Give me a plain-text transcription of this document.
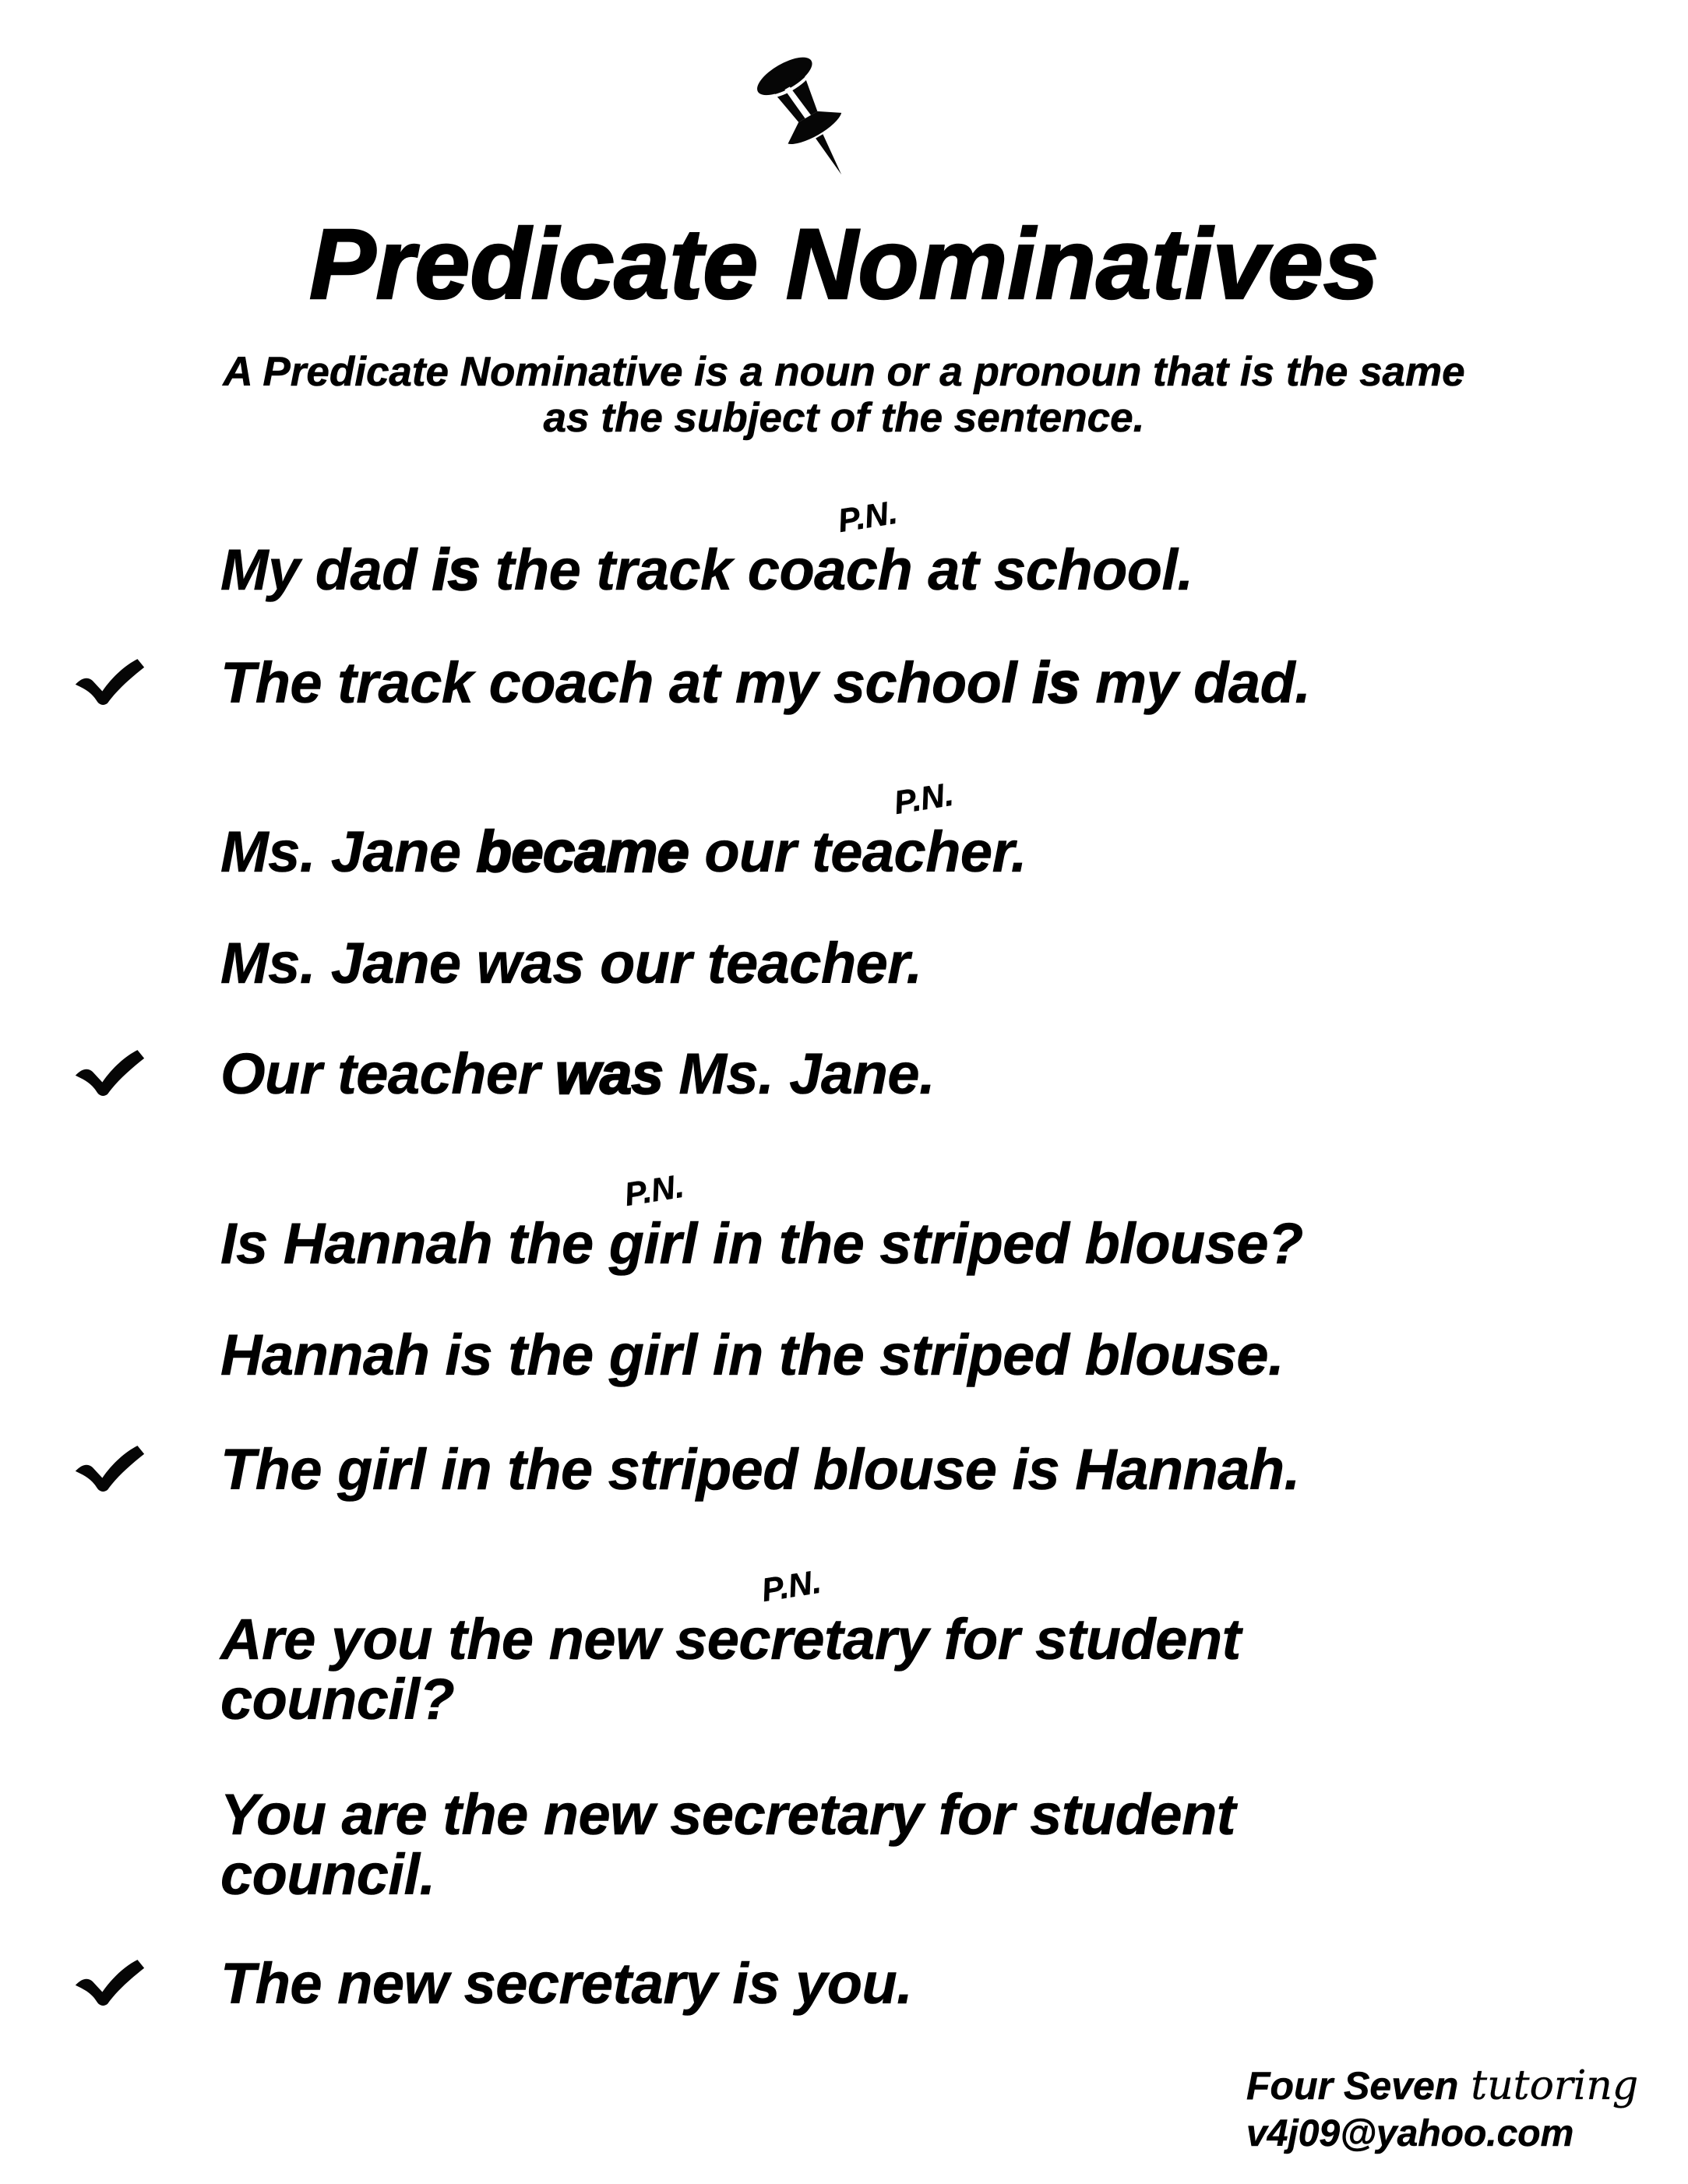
Predicate Nominatives
A Predicate Nominative is a noun or a pronoun that is the same
as the subject of the sentence.
P.N.
P.N.
P.N.
P.N.
My dad is the track coach at school.
The track coach at my school is my dad.
Ms. Jane became our teacher.
Ms. Jane was our teacher.
Our teacher was Ms. Jane.
Is Hannah the girl in the striped blouse?
Hannah is the girl in the striped blouse.
The girl in the striped blouse is Hannah.
Are you the new secretary for student
council?
You are the new secretary for student
council.
The new secretary is you.
Four Seven tutoring
v4j09@yahoo.com
